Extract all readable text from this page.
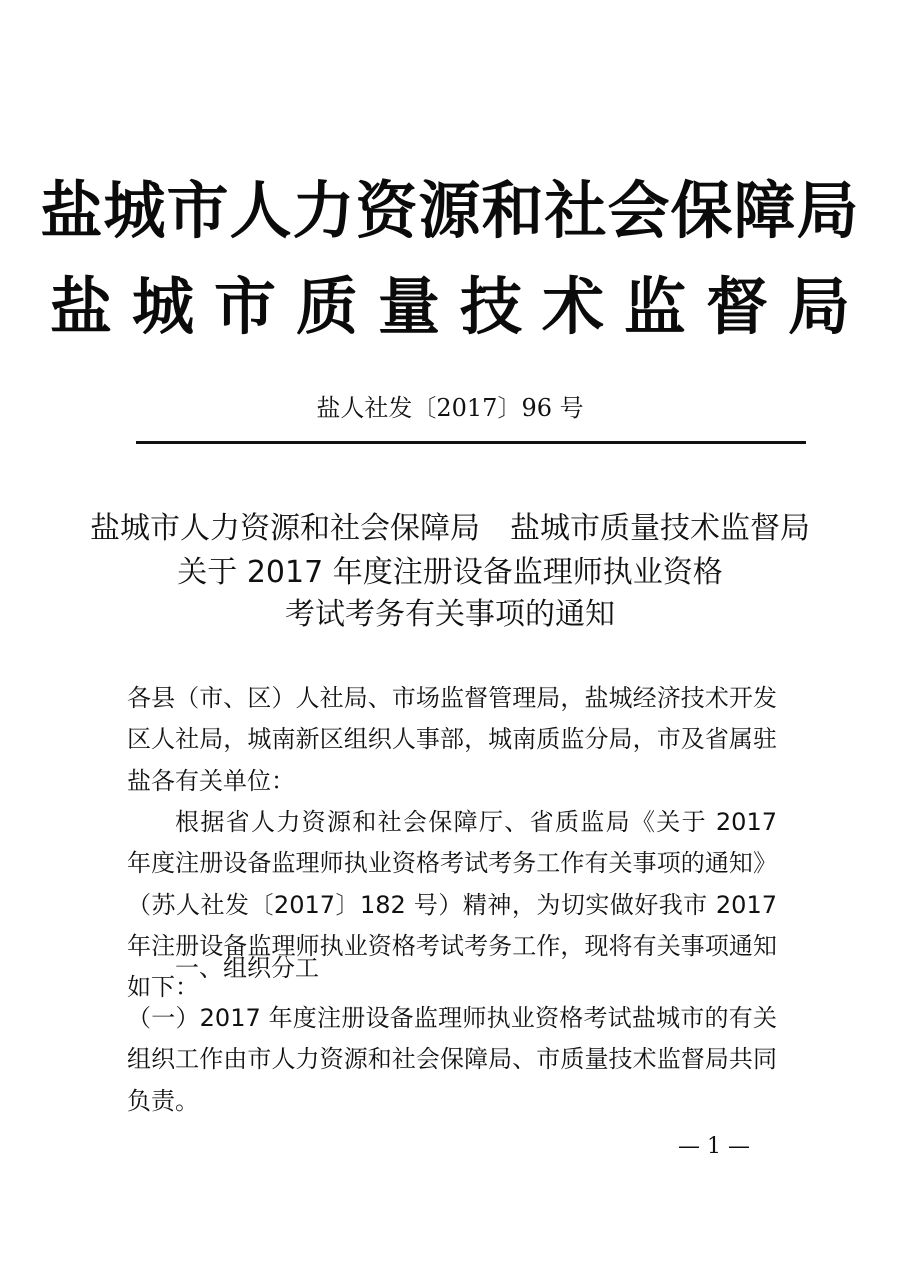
盐城市人力资源和社会保障局
盐城市质量技术监督局
盐人社发〔2017〕96 号
盐城市人力资源和社会保障局　盐城市质量技术监督局
关于 2017 年度注册设备监理师执业资格
考试考务有关事项的通知
各县（市、区）人社局、市场监督管理局，盐城经济技术开发区人社局，城南新区组织人事部，城南质监分局，市及省属驻盐各有关单位：
根据省人力资源和社会保障厅、省质监局《关于 2017 年度注册设备监理师执业资格考试考务工作有关事项的通知》（苏人社发〔2017〕182 号）精神，为切实做好我市 2017 年注册设备监理师执业资格考试考务工作，现将有关事项通知如下：
一、组织分工
（一）2017 年度注册设备监理师执业资格考试盐城市的有关组织工作由市人力资源和社会保障局、市质量技术监督局共同负责。
— 1 —
